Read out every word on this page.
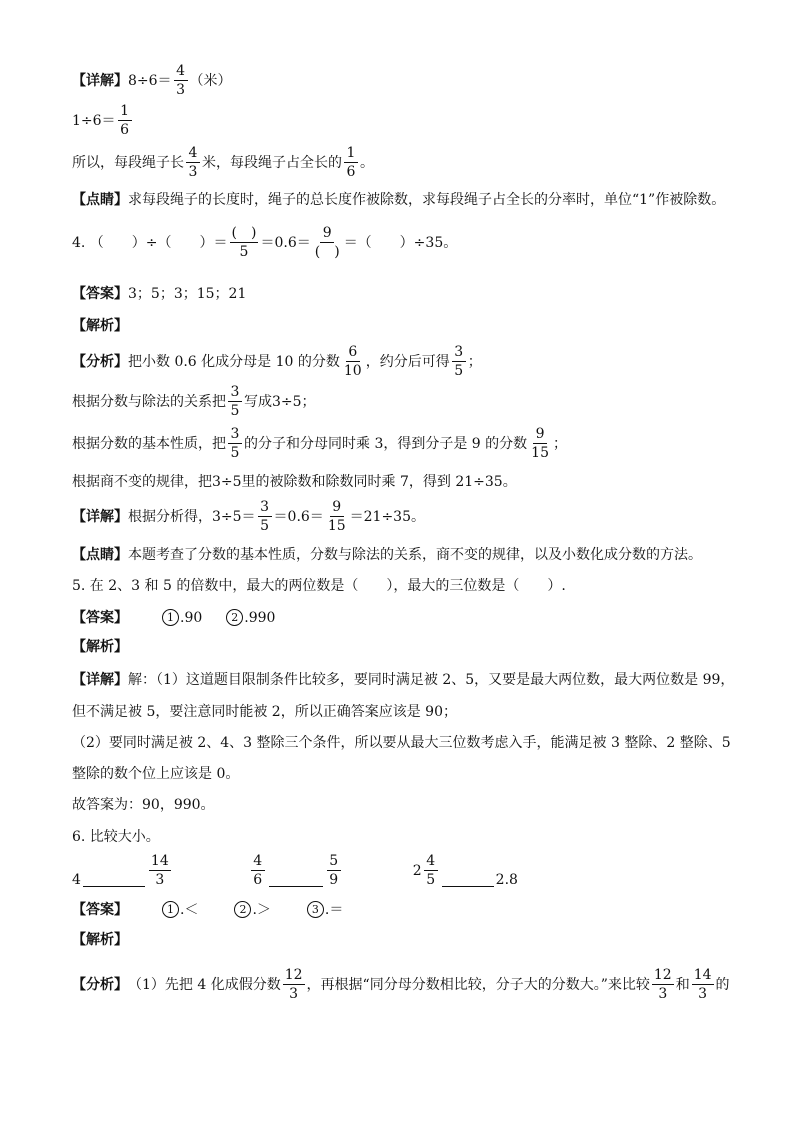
【详解】 $8\div 6= \frac{4}{3}$ （米）
$1\div 6= \frac{1}{6}$
所以，每段绳子长 $\frac{4}{3}$ 米，每段绳子占全长的 $\frac{1}{6}$ 。
【点睛】 求每段绳子的长度时，绳子的总长度作被除数，求每段绳子占全长的分率时，单位“1”作被除数。
4. （　　）÷（　　）＝ $\frac{( )}{5} =0.6= \frac{9}{( )}$ ＝（　　）÷35。
【答案】 3；5；3；15；21
【解析】
【分析】 把小数 0.6 化成分母是 10 的分数 $\frac{6}{10}$ ，约分后可得 $\frac{3}{5}$ ；
根据分数与除法的关系把 $\frac{3}{5}$ 写成3÷5；
根据分数的基本性质，把 $\frac{3}{5}$ 的分子和分母同时乘 3，得到分子是 9 的分数 $\frac{9}{15}$ ；
根据商不变的规律，把3÷5里的被除数和除数同时乘 7，得到 21÷35。
【详解】 根据分析得，$3\div 5= \frac{3}{5} =0.6= \frac{9}{15} =21\div 35$。
【点睛】 本题考查了分数的基本性质，分数与除法的关系，商不变的规律，以及小数化成分数的方法。
5. 在 2、3 和 5 的倍数中，最大的两位数是（　　），最大的三位数是（　　）.
【答案】	1 .90	2 .990
【解析】
【详解】 解：（1）这道题目限制条件比较多，要同时满足被 2、5，又要是最大两位数，最大两位数是 99，
但不满足被 5，要注意同时能被 2，所以正确答案应该是 90；
（2）要同时满足被 2、4、3 整除三个条件，所以要从最大三位数考虑入手，能满足被 3 整除、2 整除、5
整除的数个位上应该是 0。
故答案为：90，990。
6. 比较大小。
4	$\frac{14}{3}$	$\frac{4}{6}$	$\frac{5}{9}$	$2 \frac{4}{5}$	2.8
【答案】	1 .＜	2 .＞	3 .＝
【解析】
【分析】 （1）先把 4 化成假分数 $\frac{12}{3}$ ，再根据“同分母分数相比较，分子大的分数大。”来比较 $\frac{12}{3}$ 和 $\frac{14}{3}$ 的
